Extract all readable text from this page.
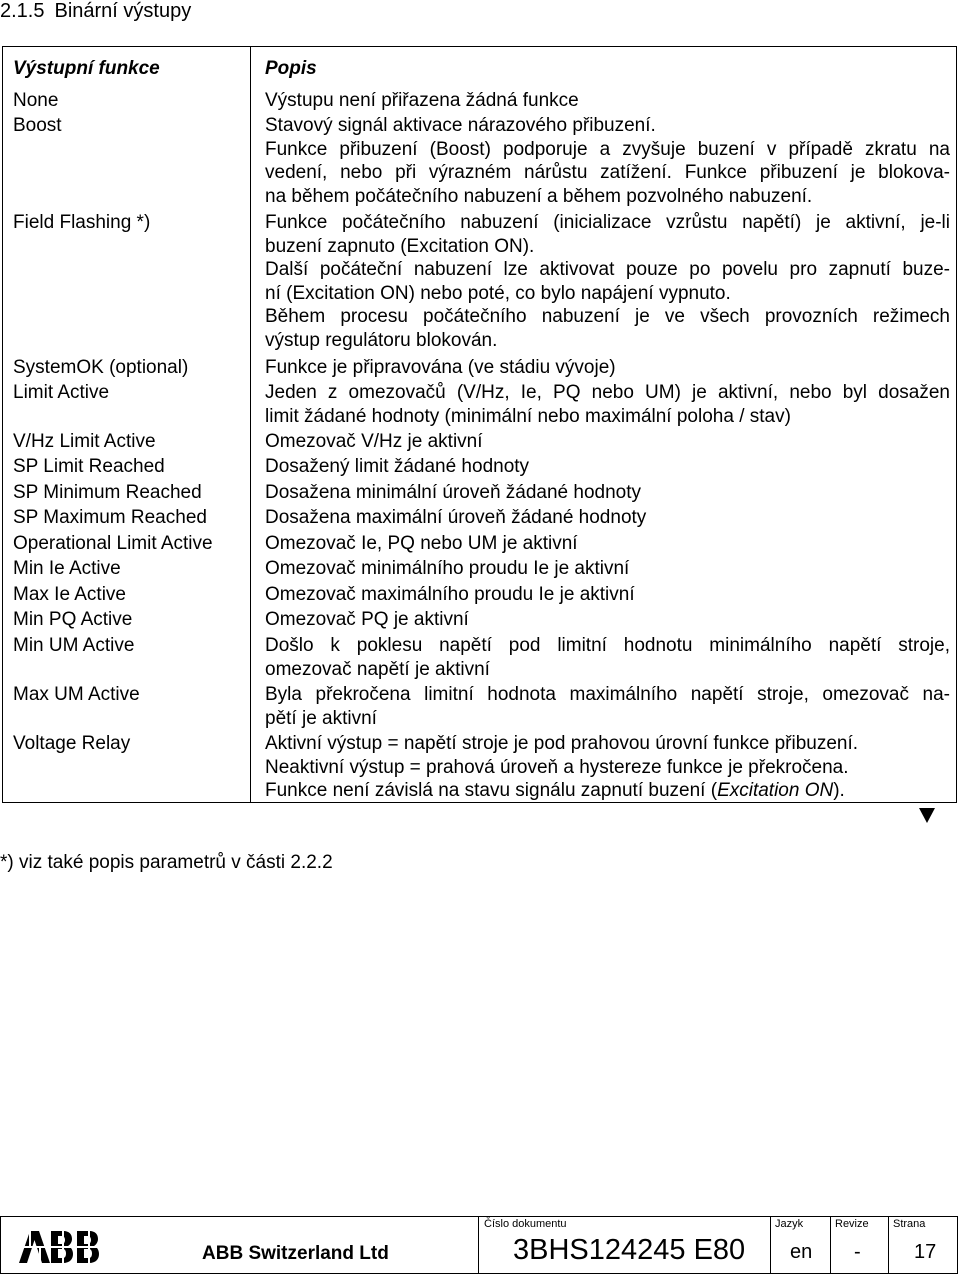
2.1.5 Binární výstupy
Výstupní funkce	Popis
None	Výstupu není přiřazena žádná funkce
Boost	Stavový signál aktivace nárazového přibuzení.
Funkce přibuzení (Boost) podporuje a zvyšuje buzení v případě zkratu na
vedení, nebo při výrazném nárůstu zatížení. Funkce přibuzení je blokova-
na během počátečního nabuzení a během pozvolného nabuzení.
Field Flashing *)	Funkce počátečního nabuzení (inicializace vzrůstu napětí) je aktivní, je-li
buzení zapnuto (Excitation ON).
Další počáteční nabuzení lze aktivovat pouze po povelu pro zapnutí buze-
ní (Excitation ON) nebo poté, co bylo napájení vypnuto.
Během procesu počátečního nabuzení je ve všech provozních režimech
výstup regulátoru blokován.
SystemOK (optional)	Funkce je připravována (ve stádiu vývoje)
Limit Active	Jeden z omezovačů (V/Hz, Ie, PQ nebo UM) je aktivní, nebo byl dosažen
limit žádané hodnoty (minimální nebo maximální poloha / stav)
V/Hz Limit Active	Omezovač V/Hz je aktivní
SP Limit Reached	Dosažený limit žádané hodnoty
SP Minimum Reached	Dosažena minimální úroveň žádané hodnoty
SP Maximum Reached	Dosažena maximální úroveň žádané hodnoty
Operational Limit Active	Omezovač Ie, PQ nebo UM je aktivní
Min Ie Active	Omezovač minimálního proudu Ie je aktivní
Max Ie Active	Omezovač maximálního proudu Ie je aktivní
Min PQ Active	Omezovač PQ je aktivní
Min UM Active	Došlo k poklesu napětí pod limitní hodnotu minimálního napětí stroje,
omezovač napětí je aktivní
Max UM Active	Byla překročena limitní hodnota maximálního napětí stroje, omezovač na-
pětí je aktivní
Voltage Relay	Aktivní výstup = napětí stroje je pod prahovou úrovní funkce přibuzení.
Neaktivní výstup = prahová úroveň a hystereze funkce je překročena.
Funkce není závislá na stavu signálu zapnutí buzení (Excitation ON).
*) viz také popis parametrů v části 2.2.2
ABB Switzerland Ltd
Číslo dokumentu
3BHS124245 E80
Jazyk
en
Revize
-
Strana
17
